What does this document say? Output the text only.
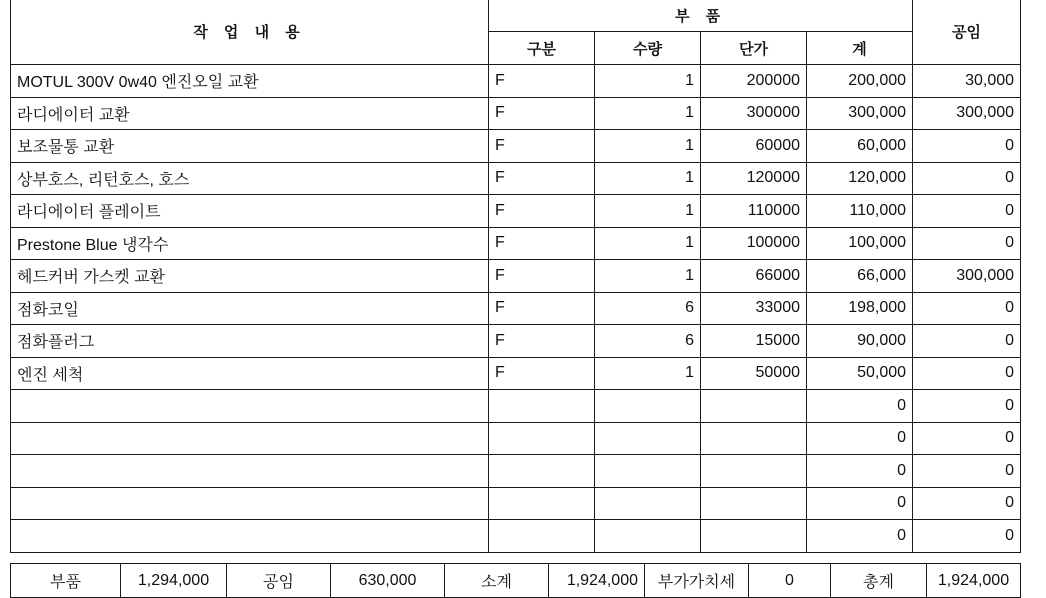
작 업 내 용	부 품				공임
	구분	수량	단가	계	
MOTUL 300V 0w40 엔진오일 교환	F	1	200000	200,000	30,000
라디에이터 교환	F	1	300000	300,000	300,000
보조물통 교환	F	1	60000	60,000	0
상부호스, 리턴호스, 호스	F	1	120000	120,000	0
라디에이터 플레이트	F	1	110000	110,000	0
Prestone Blue 냉각수	F	1	100000	100,000	0
헤드커버 가스켓 교환	F	1	66000	66,000	300,000
점화코일	F	6	33000	198,000	0
점화플러그	F	6	15000	90,000	0
엔진 세척	F	1	50000	50,000	0
				0	0
				0	0
				0	0
				0	0
				0	0
부품	1,294,000	공임	630,000	소계	1,924,000	부가가치세	0	총계	1,924,000
